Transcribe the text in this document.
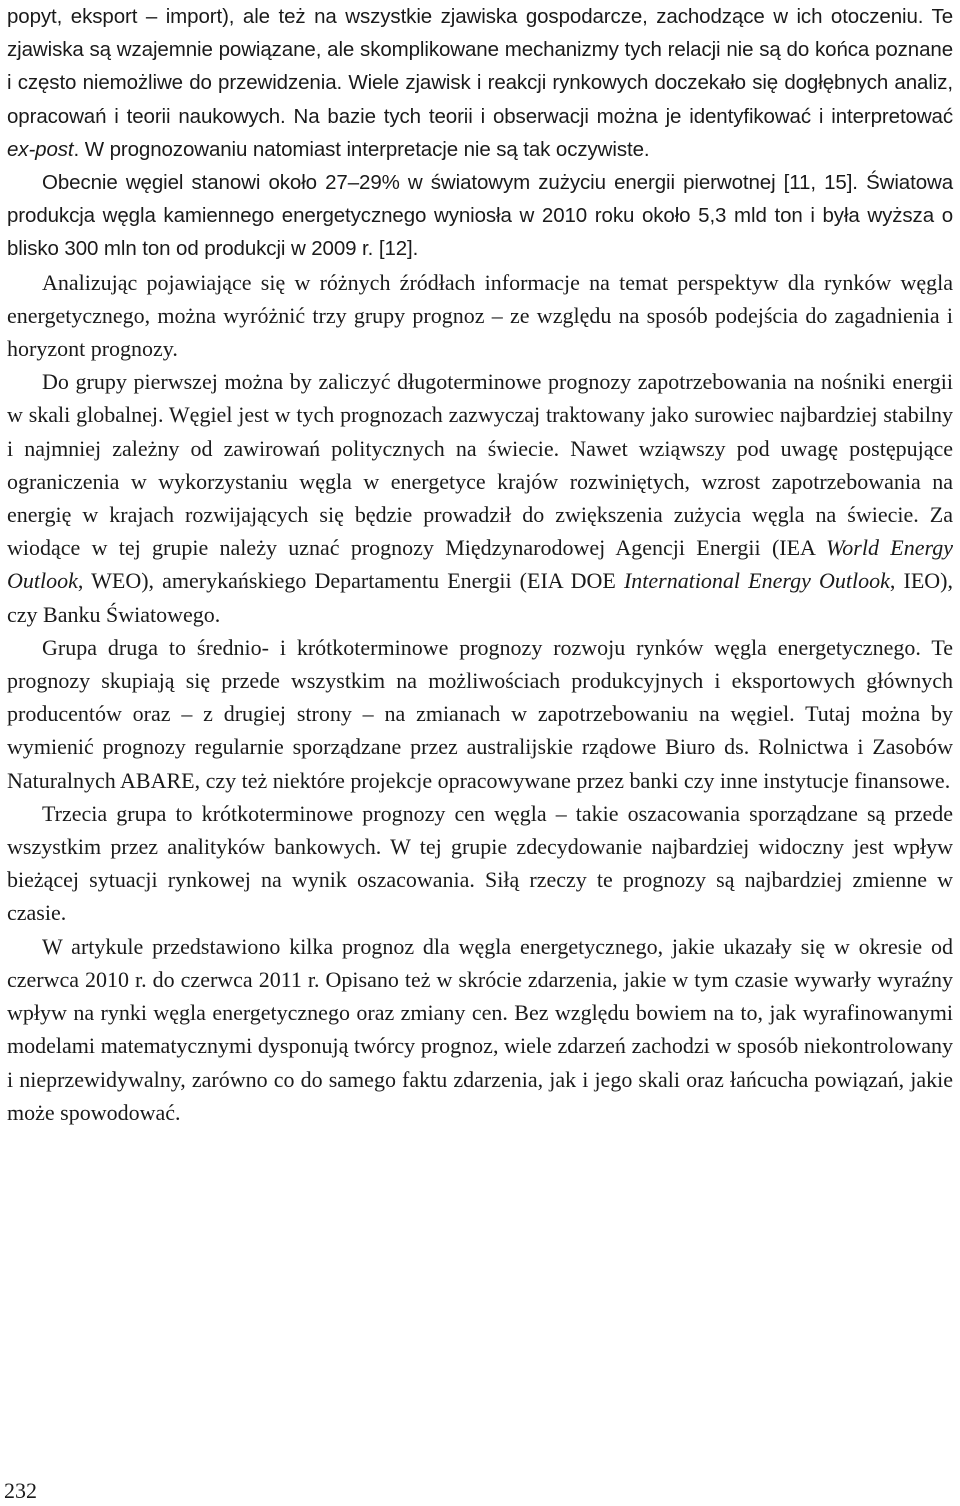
popyt, eksport – import), ale też na wszystkie zjawiska gospodarcze, zachodzące w ich otoczeniu. Te zjawiska są wzajemnie powiązane, ale skomplikowane mechanizmy tych relacji nie są do końca poznane i często niemożliwe do przewidzenia. Wiele zjawisk i reakcji rynkowych doczekało się dogłębnych analiz, opracowań i teorii naukowych. Na bazie tych teorii i obserwacji można je identyfikować i interpretować ex-post. W prognozowaniu natomiast interpretacje nie są tak oczywiste.

Obecnie węgiel stanowi około 27–29% w światowym zużyciu energii pierwotnej [11, 15]. Światowa produkcja węgla kamiennego energetycznego wyniosła w 2010 roku około 5,3 mld ton i była wyższa o blisko 300 mln ton od produkcji w 2009 r. [12].

Analizując pojawiające się w różnych źródłach informacje na temat perspektyw dla rynków węgla energetycznego, można wyróżnić trzy grupy prognoz – ze względu na sposób podejścia do zagadnienia i horyzont prognozy.

Do grupy pierwszej można by zaliczyć długoterminowe prognozy zapotrzebowania na nośniki energii w skali globalnej. Węgiel jest w tych prognozach zazwyczaj traktowany jako surowiec najbardziej stabilny i najmniej zależny od zawirowań politycznych na świecie. Nawet wziąwszy pod uwagę postępujące ograniczenia w wykorzystaniu węgla w energetyce krajów rozwiniętych, wzrost zapotrzebowania na energię w krajach rozwijających się będzie prowadził do zwiększenia zużycia węgla na świecie. Za wiodące w tej grupie należy uznać prognozy Międzynarodowej Agencji Energii (IEA World Energy Outlook, WEO), amerykańskiego Departamentu Energii (EIA DOE International Energy Outlook, IEO), czy Banku Światowego.

Grupa druga to średnio- i krótkoterminowe prognozy rozwoju rynków węgla energetycznego. Te prognozy skupiają się przede wszystkim na możliwościach produkcyjnych i eksportowych głównych producentów oraz – z drugiej strony – na zmianach w zapotrzebowaniu na węgiel. Tutaj można by wymienić prognozy regularnie sporządzane przez australijskie rządowe Biuro ds. Rolnictwa i Zasobów Naturalnych ABARE, czy też niektóre projekcje opracowywane przez banki czy inne instytucje finansowe.

Trzecia grupa to krótkoterminowe prognozy cen węgla – takie oszacowania sporządzane są przede wszystkim przez analityków bankowych. W tej grupie zdecydowanie najbardziej widoczny jest wpływ bieżącej sytuacji rynkowej na wynik oszacowania. Siłą rzeczy te prognozy są najbardziej zmienne w czasie.

W artykule przedstawiono kilka prognoz dla węgla energetycznego, jakie ukazały się w okresie od czerwca 2010 r. do czerwca 2011 r. Opisano też w skrócie zdarzenia, jakie w tym czasie wywarły wyraźny wpływ na rynki węgla energetycznego oraz zmiany cen. Bez względu bowiem na to, jak wyrafinowanymi modelami matematycznymi dysponują twórcy prognoz, wiele zdarzeń zachodzi w sposób niekontrolowany i nieprzewidywalny, zarówno co do samego faktu zdarzenia, jak i jego skali oraz łańcucha powiązań, jakie może spowodować.

232
